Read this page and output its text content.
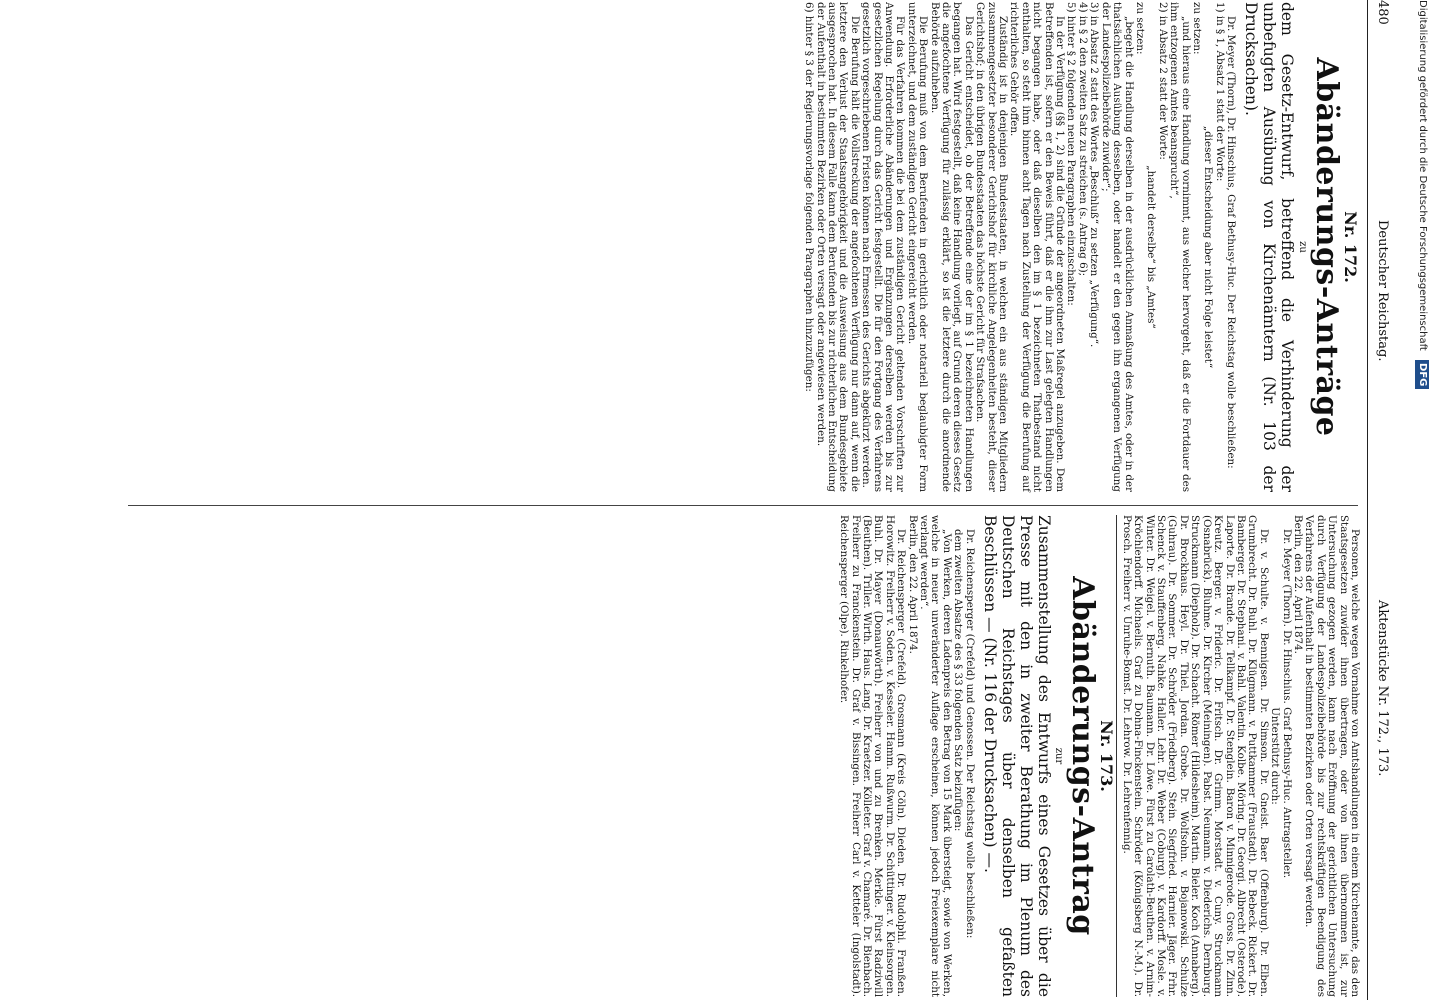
480
Deutscher Reichstag.
Aktenstücke Nr. 172., 173.
Nr. 172.
Abänderungs-Anträge
zu
dem Gesetz-Entwurf, betreffend die Verhinderung der unbefugten Ausübung von Kirchenämtern (Nr. 103 der Drucksachen).

Dr. Meyer (Thorn), Dr. Hinschius, Graf Bethusy-Huc. Der Reichstag wolle beschließen:

1) in § 1, Absatz 1 statt der Worte:

„dieser Entscheidung aber nicht Folge leistet“

zu setzen:

„und hieraus eine Handlung vornimmt, aus welcher hervorgeht, daß er die Fortdauer des ihm entzogenen Amtes beansprucht“,

2) in Absatz 2 statt der Worte:

„handelt derselbe“ bis „Amtes“

zu setzen:

„begeht die Handlung derselben in der ausdrücklichen Anmaßung des Amtes, oder in der thatsächlichen Ausübung desselben, oder handelt er den gegen ihn ergangenen Verfügung der Landespolizeibehörde zuwider“;

3) in Absatz 2 statt des Wortes „Beschluß“ zu setzen „Verfügung“.

4) in § 2 den zweiten Satz zu streichen (s. Antrag 6);

5) hinter § 2 folgenden neuen Paragraphen einzuschalten:

In der Verfügung (§§ 1, 2) sind die Gründe der angeordneten Maßregel anzugeben. Dem Betreffenden ist, sofern er den Beweis führt, daß er die ihm zur Last gelegten Handlungen nicht begangen habe, oder daß dieselben den im § 1 bezeichneten Thatbestand nicht enthalten, so steht ihm binnen acht Tagen nach Zustellung der Verfügung die Berufung auf richterliches Gehör offen.

Zuständig ist in denjenigen Bundesstaaten, in welchen ein aus ständigen Mitgliedern zusammengesetzter besonderer Gerichtshof für kirchliche Angelegenheiten besteht, dieser Gerichtshof; in den übrigen Bundesstaaten das höchste Gericht für Strafsachen.

Das Gericht entscheidet, ob der Betreffende eine der im § 1 bezeichneten Handlungen begangen hat. Wird festgestellt, daß keine Handlung vorliegt, auf Grund deren dieses Gesetz die angefochtene Verfügung für zulässig erklärt, so ist die letztere durch die anordnende Behörde aufzuheben.

Die Berufung muß von dem Berufenden in gerichtlich oder notariell beglaubigter Form unterzeichnet, und dem zuständigen Gericht eingereicht werden.

Für das Verfahren kommen die bei dem zuständigen Gericht geltenden Vorschriften zur Anwendung. Erforderliche Abänderungen und Ergänzungen derselben werden bis zur gesetzlichen Regelung durch das Gericht festgestellt. Die für den Fortgang des Verfahrens gesetzlich vorgeschriebenen Fristen können nach Ermessen des Gerichts abgekürzt werden.

Die Berufung hält die Vollstreckung der angefochtenen Verfügung nur dann auf, wenn die letztere den Verlust der Staatsangehörigkeit und die Ausweisung aus dem Bundesgebiete ausgesprochen hat. In diesem Falle kann dem Berufenden bis zur richterlichen Entscheidung der Aufenthalt in bestimmten Bezirken oder Orten versagt oder angewiesen werden.

6) hinter § 3 der Regierungsvorlage folgenden Paragraphen hinzuzufügen:

Personen, welche wegen Vornahme von Amtshandlungen in einem Kirchenamte, das den Staatsgesetzen zuwider ihnen übertragen, oder von ihnen übernommen ist, zur Untersuchung gezogen werden, kann nach Eröffnung der gerichtlichen Untersuchung durch Verfügung der Landespolizeibehörde bis zur rechtskräftigen Beendigung des Verfahrens der Aufenthalt in bestimmten Bezirken oder Orten versagt werden.

Berlin, den 22. April 1874.

Dr. Meyer (Thorn). Dr. Hinschius. Graf Bethusy-Huc. Antragsteller.

Unterstützt durch:

Dr. v. Schulte. v. Bennigsen. Dr. Simson. Dr. Gneist. Baer (Offenburg). Dr. Elben. Grumbrecht. Dr. Buhl. Dr. Klügmann. v. Puttkammer (Fraustadt). Dr. Bebeck. Rickert. Dr. Bamberger. Dr. Stephani. v. Bahl. Valentin. Kolbe. Möring. Dr. Georgi. Albrecht (Osterode). Laporte. Dr. Brande. Dr. Tellkampf. Dr. Stenglein. Baron v. Minnigerode. Gross. Dr. Zinn. Kreutz. Berger. v. Frideric. Dr. Fritsch. Dr. Grimm. Morstadt. v. Cuny. Struckmann (Osnabrück). Bluhme. Dr. Kircher (Meiningen). Pabst. Neumann. v. Diederichs. Dernburg. Struckmann (Diepholz). Dr. Schacht. Römer (Hildesheim). Martin. Bieler. Koch (Annaberg). Dr. Brockhaus. Heyl. Dr. Thiel. Jordan. Grobe. Dr. Wolfsohn. v. Bojanowski. Schulze (Guhrau). Dr. Sommer. Dr. Schröder (Friedberg). Stein. Siegfried. Harnier. Jäger. Frhr. Schenck v. Stauffenberg. Nahke. Haller. Lehr. Dr. Weber (Coburg). v. Kardorff. Mosle. v. Winter. Dr. Weigel. v. Bernuth. Baumann. Dr. Löwe. Fürst zu Carolath-Beuthen. v. Arnim-Kröchlendorff. Michaelis. Graf zu Dohna-Finckenstein. Schröder (Königsberg N.-M.). Dr. Prosch. Freiherr v. Unruhe-Bomst. Dr. Lehrow. Dr. Lehrenfennig.

Nr. 173.
Abänderungs-Antrag
zur
Zusammenstellung des Entwurfs eines Gesetzes über die Presse mit den in zweiter Berathung im Plenum des Deutschen Reichstages über denselben gefaßten Beschlüssen — (Nr. 116 der Drucksachen) —.

Dr. Reichensperger (Crefeld) und Genossen. Der Reichstag wolle beschließen:

dem zweiten Absatze des § 33 folgenden Satz beizufügen:

„Von Werken, deren Ladenpreis den Betrag von 15 Mark übersteigt, sowie von Werken, welche in neuer unveränderter Auflage erscheinen, können jedoch Freiexemplare nicht verlangt werden“.

Berlin, den 22. April 1874.

Dr. Reichensperger (Crefeld). Grosmann (Kreis Cöln). Dieden. Dr. Rudolphi. Franßen. Horowitz. Freiherr v. Soden. v. Kesseler. Hamm. Rußwurm. Dr. Schüttinger. v. Kleinsorgen. Buhl. Dr. Mayer (Donauwörth). Freiherr von und zu Brenken. Merkle. Fürst Radziwill (Beuthen). Triller. Wirth. Haus. Lang. Dr. Kraetzer. Kölleter. Graf v. Chamaré. Dr. Bienbach. Freiherr zu Franckenstein. Dr. Graf v. Bissingen. Freiherr Carl v. Ketteler (Ingolstadt). Reichensperger (Olpe). Rinkelhofer.

Digitalisierung gefördert durch die Deutsche Forschungsgemeinschaft DFG
